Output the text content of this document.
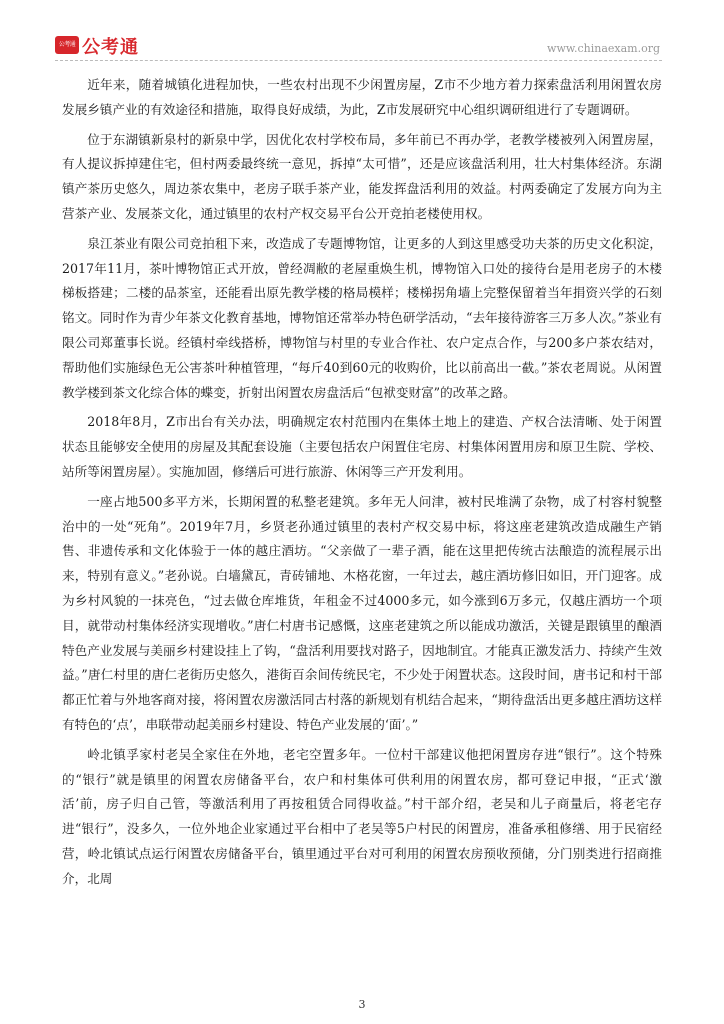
公考通 公考通	www.chinaexam.org

近年来，随着城镇化进程加快，一些农村出现不少闲置房屋，Z市不少地方着力探索盘活利用闲置农房发展乡镇产业的有效途径和措施，取得良好成绩，为此，Z市发展研究中心组织调研组进行了专题调研。

位于东湖镇新泉村的新泉中学，因优化农村学校布局，多年前已不再办学，老教学楼被列入闲置房屋，有人提议拆掉建住宅，但村两委最终统一意见，拆掉“太可惜”，还是应该盘活利用，壮大村集体经济。东湖镇产茶历史悠久，周边茶农集中，老房子联手茶产业，能发挥盘活利用的效益。村两委确定了发展方向为主营茶产业、发展茶文化，通过镇里的农村产权交易平台公开竞拍老楼使用权。

泉江茶业有限公司竞拍租下来，改造成了专题博物馆，让更多的人到这里感受功夫茶的历史文化积淀，2017年11月，茶叶博物馆正式开放，曾经凋敝的老屋重焕生机，博物馆入口处的接待台是用老房子的木楼梯板搭建；二楼的品茶室，还能看出原先教学楼的格局模样；楼梯拐角墙上完整保留着当年捐资兴学的石刻铭文。同时作为青少年茶文化教育基地，博物馆还常举办特色研学活动，“去年接待游客三万多人次。”茶业有限公司郑董事长说。经镇村牵线搭桥，博物馆与村里的专业合作社、农户定点合作，与200多户茶农结对，帮助他们实施绿色无公害茶叶种植管理，“每斤40到60元的收购价，比以前高出一截。”茶农老周说。从闲置教学楼到茶文化综合体的蝶变，折射出闲置农房盘活后“包袱变财富”的改革之路。

2018年8月，Z市出台有关办法，明确规定农村范围内在集体土地上的建造、产权合法清晰、处于闲置状态且能够安全使用的房屋及其配套设施（主要包括农户闲置住宅房、村集体闲置用房和原卫生院、学校、站所等闲置房屋）。实施加固，修缮后可进行旅游、休闲等三产开发利用。

一座占地500多平方米，长期闲置的私整老建筑。多年无人问津，被村民堆满了杂物，成了村容村貌整治中的一处“死角”。2019年7月，乡贤老孙通过镇里的表村产权交易中标，将这座老建筑改造成融生产销售、非遗传承和文化体验于一体的越庄酒坊。“父亲做了一辈子酒，能在这里把传统古法酿造的流程展示出来，特别有意义。”老孙说。白墙黛瓦，青砖铺地、木格花窗，一年过去，越庄酒坊修旧如旧，开门迎客。成为乡村风貌的一抹亮色，“过去做仓库堆货，年租金不过4000多元，如今涨到6万多元，仅越庄酒坊一个项目，就带动村集体经济实现增收。”唐仁村唐书记感慨，这座老建筑之所以能成功激活，关键是跟镇里的酿酒特色产业发展与美丽乡村建设挂上了钩，“盘活利用要找对路子，因地制宜。才能真正激发活力、持续产生效益。”唐仁村里的唐仁老街历史悠久，港街百余间传统民宅，不少处于闲置状态。这段时间，唐书记和村干部都正忙着与外地客商对接，将闲置农房激活同古村落的新规划有机结合起来，“期待盘活出更多越庄酒坊这样有特色的‘点’，串联带动起美丽乡村建设、特色产业发展的‘面’。”

岭北镇孚家村老吴全家住在外地，老宅空置多年。一位村干部建议他把闲置房存进“银行”。这个特殊的“银行”就是镇里的闲置农房储备平台，农户和村集体可供利用的闲置农房，都可登记申报，“正式‘激活’前，房子归自己管，等激活利用了再按租赁合同得收益。”村干部介绍，老吴和儿子商量后，将老宅存进“银行”，没多久，一位外地企业家通过平台相中了老吴等5户村民的闲置房，准备承租修缮、用于民宿经营，岭北镇试点运行闲置农房储备平台，镇里通过平台对可利用的闲置农房预收预储，分门别类进行招商推介，北周

3
